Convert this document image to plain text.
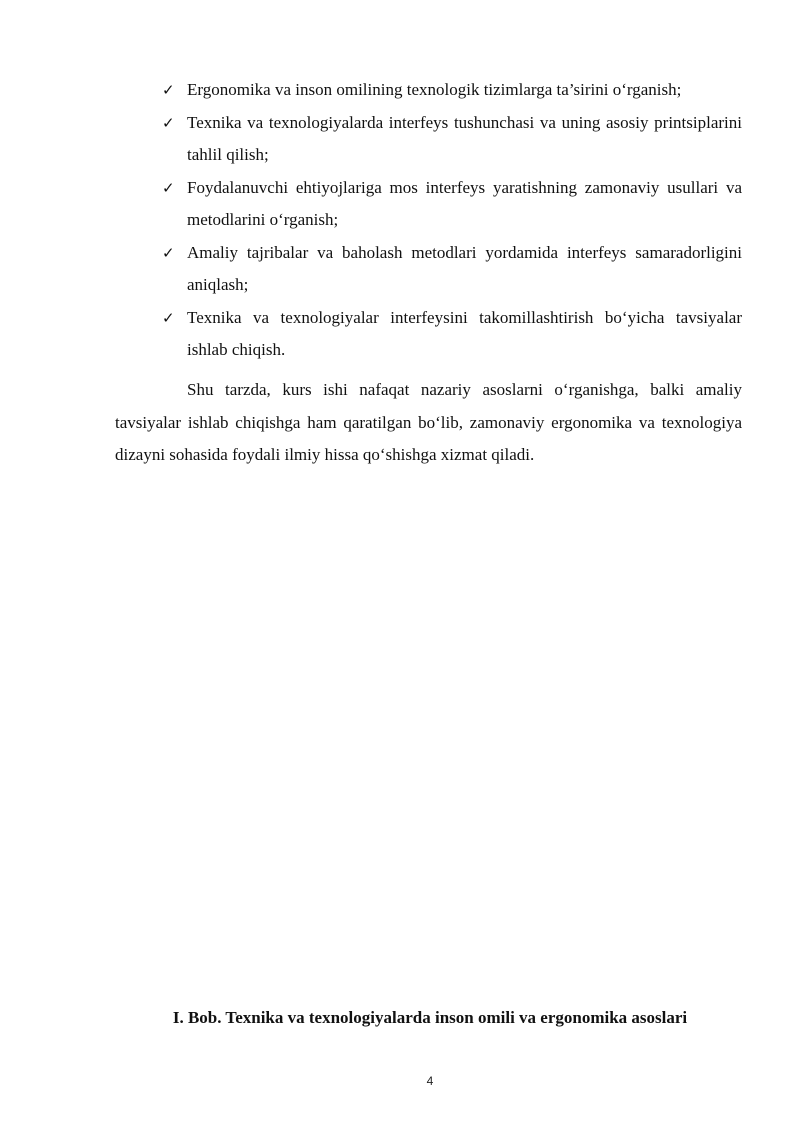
✓ Ergonomika va inson omilining texnologik tizimlarga ta’sirini o‘rganish;
✓ Texnika va texnologiyalarda interfeys tushunchasi va uning asosiy printsiplarini tahlil qilish;
✓ Foydalanuvchi ehtiyojlariga mos interfeys yaratishning zamonaviy usullari va metodlarini o‘rganish;
✓ Amaliy tajribalar va baholash metodlari yordamida interfeys samaradorligini aniqlash;
✓ Texnika va texnologiyalar interfeysini takomillashtirish bo‘yicha tavsiyalar ishlab chiqish.

Shu tarzda, kurs ishi nafaqat nazariy asoslarni o‘rganishga, balki amaliy tavsiyalar ishlab chiqishga ham qaratilgan bo‘lib, zamonaviy ergonomika va texnologiya dizayni sohasida foydali ilmiy hissa qo‘shishga xizmat qiladi.

I. Bob. Texnika va texnologiyalarda inson omili va ergonomika asoslari
4
